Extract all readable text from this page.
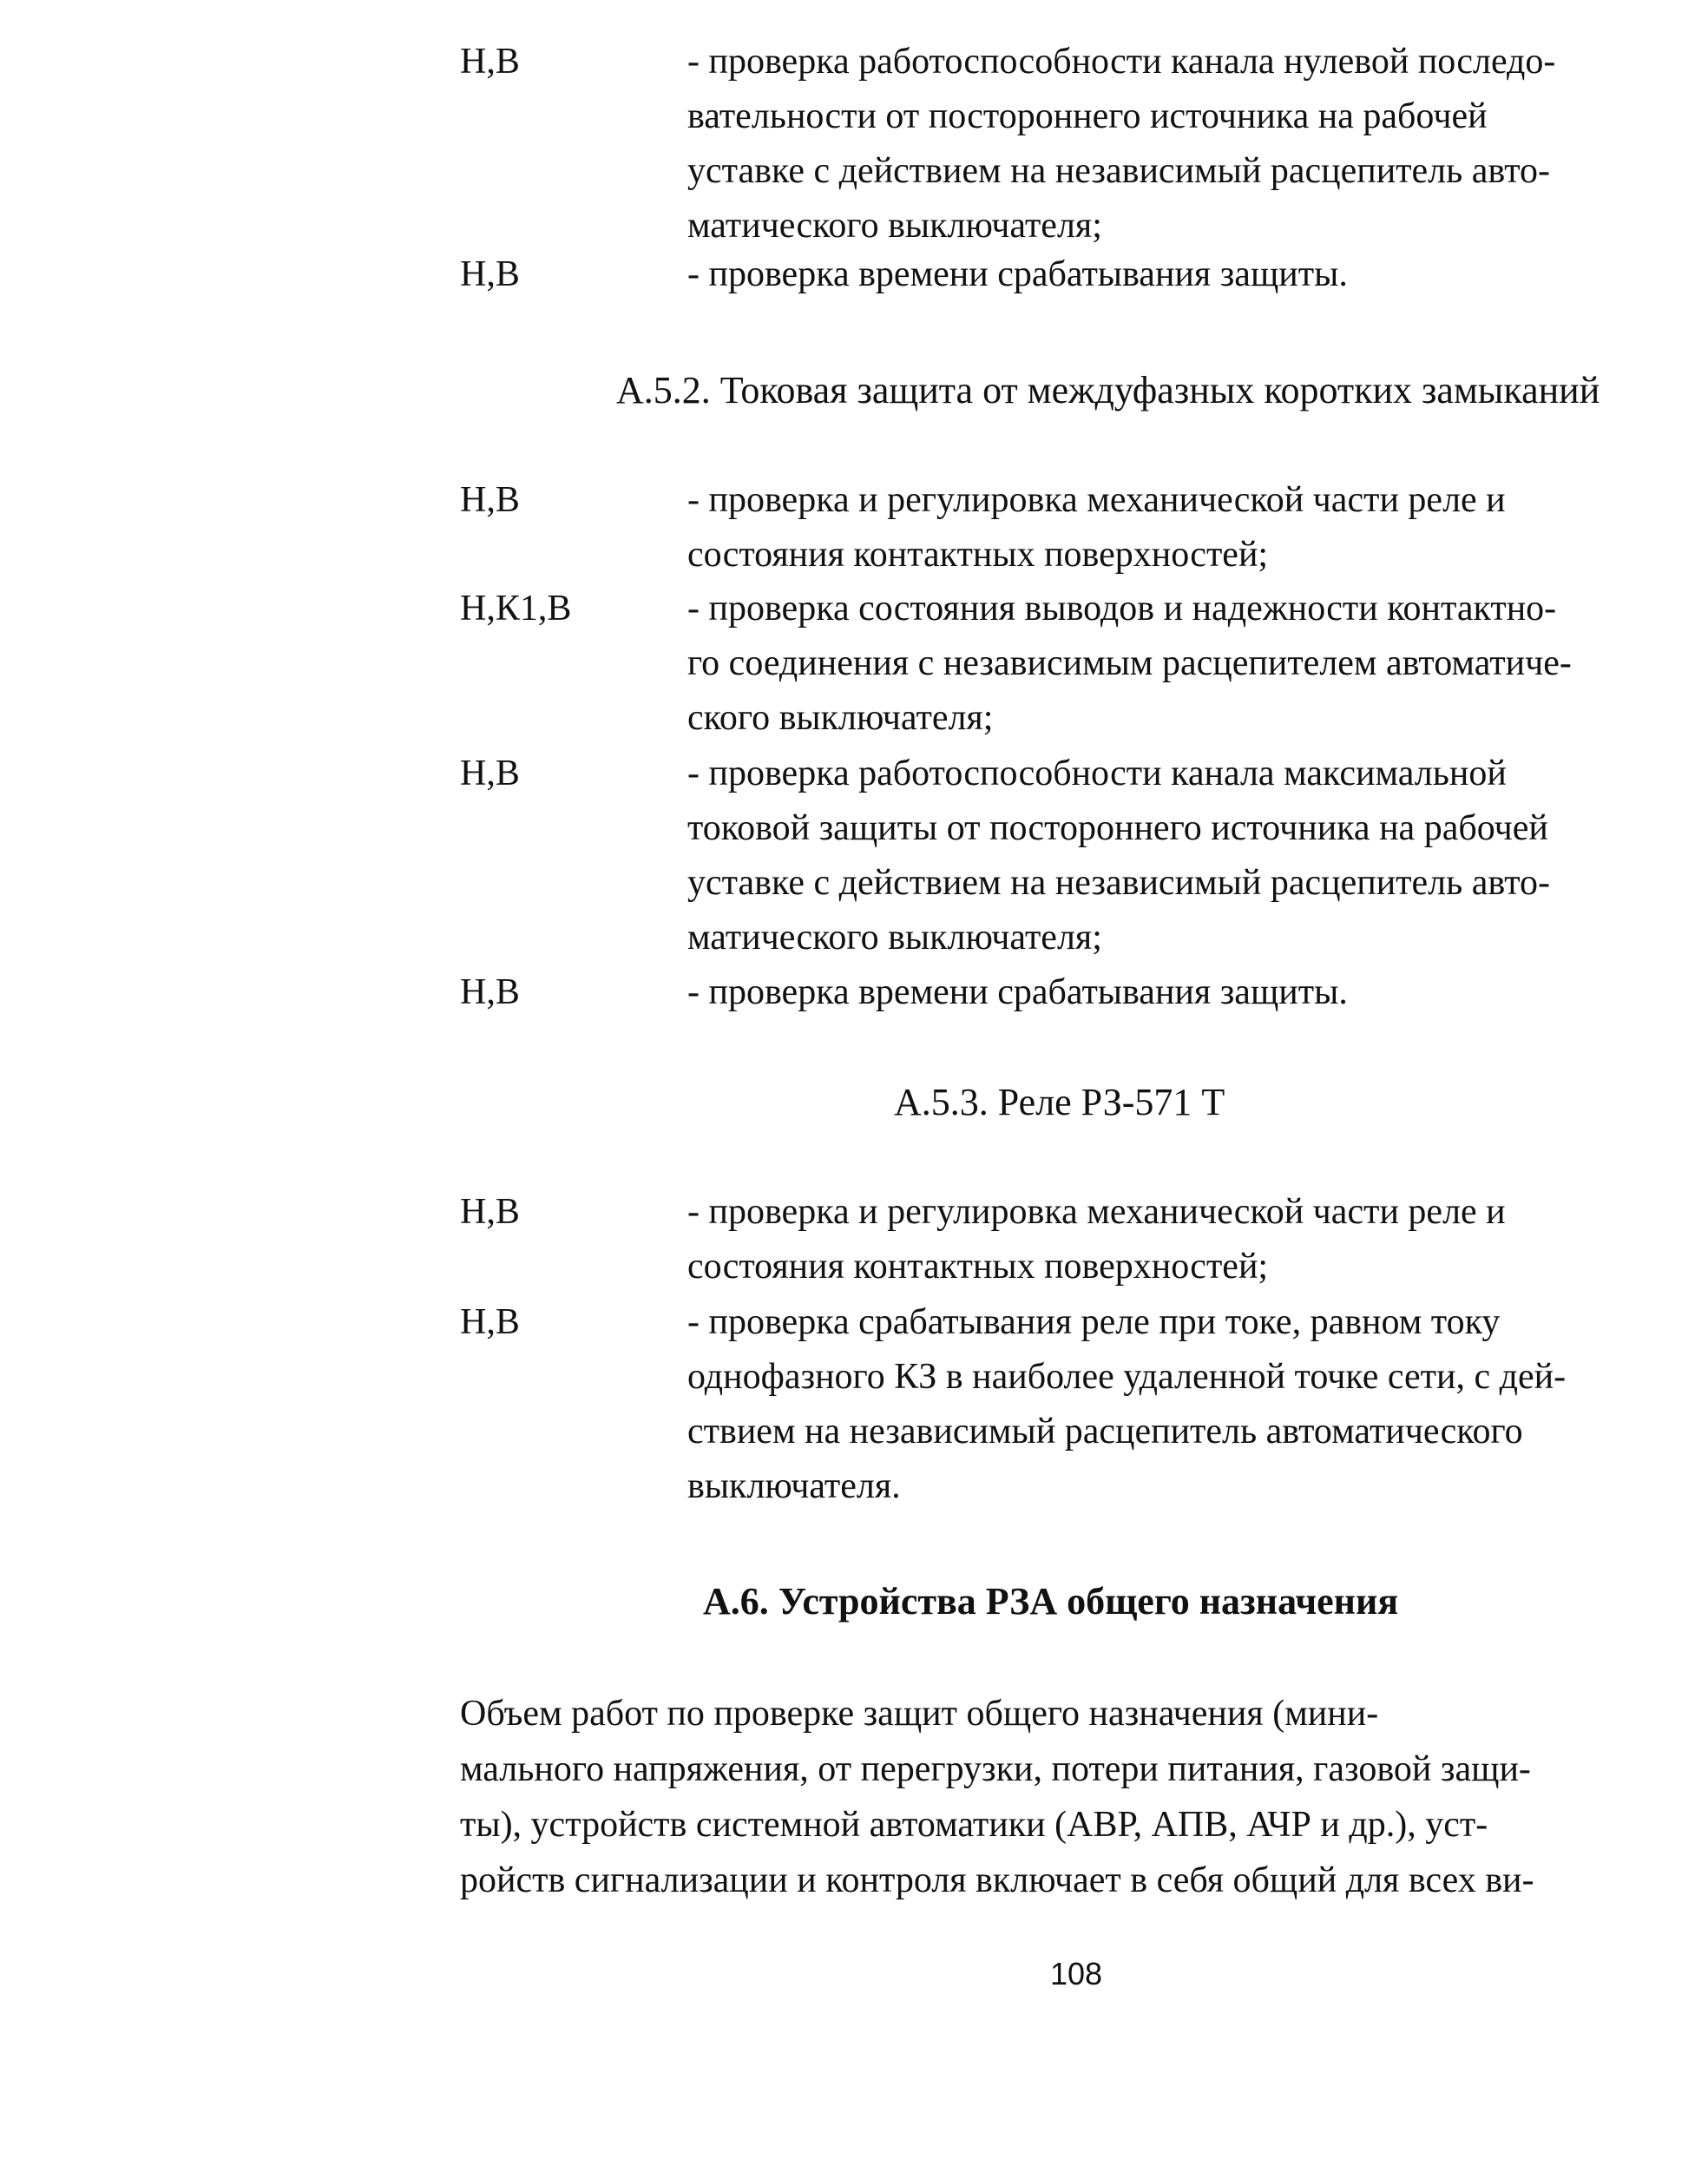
Н,В	- проверка работоспособности канала нулевой последо-
вательности от постороннего источника на рабочей
уставке с действием на независимый расцепитель авто-
матического выключателя;
Н,В	- проверка времени срабатывания защиты.
А.5.2. Токовая защита от междуфазных коротких замыканий
Н,В	- проверка и регулировка механической части реле и
состояния контактных поверхностей;
Н,К1,В	- проверка состояния выводов и надежности контактно-
го соединения с независимым расцепителем автоматиче-
ского выключателя;
Н,В	- проверка работоспособности канала максимальной
токовой защиты от постороннего источника на рабочей
уставке с действием на независимый расцепитель авто-
матического выключателя;
Н,В	- проверка времени срабатывания защиты.
А.5.3. Реле РЗ-571 Т
Н,В	- проверка и регулировка механической части реле и
состояния контактных поверхностей;
Н,В	- проверка срабатывания реле при токе, равном току
однофазного КЗ в наиболее удаленной точке сети, с дей-
ствием на независимый расцепитель автоматического
выключателя.
А.6. Устройства РЗА общего назначения
Объем работ по проверке защит общего назначения (мини-
мального напряжения, от перегрузки, потери питания, газовой защи-
ты), устройств системной автоматики (АВР, АПВ, АЧР и др.), уст-
ройств сигнализации и контроля включает в себя общий для всех ви-
108
